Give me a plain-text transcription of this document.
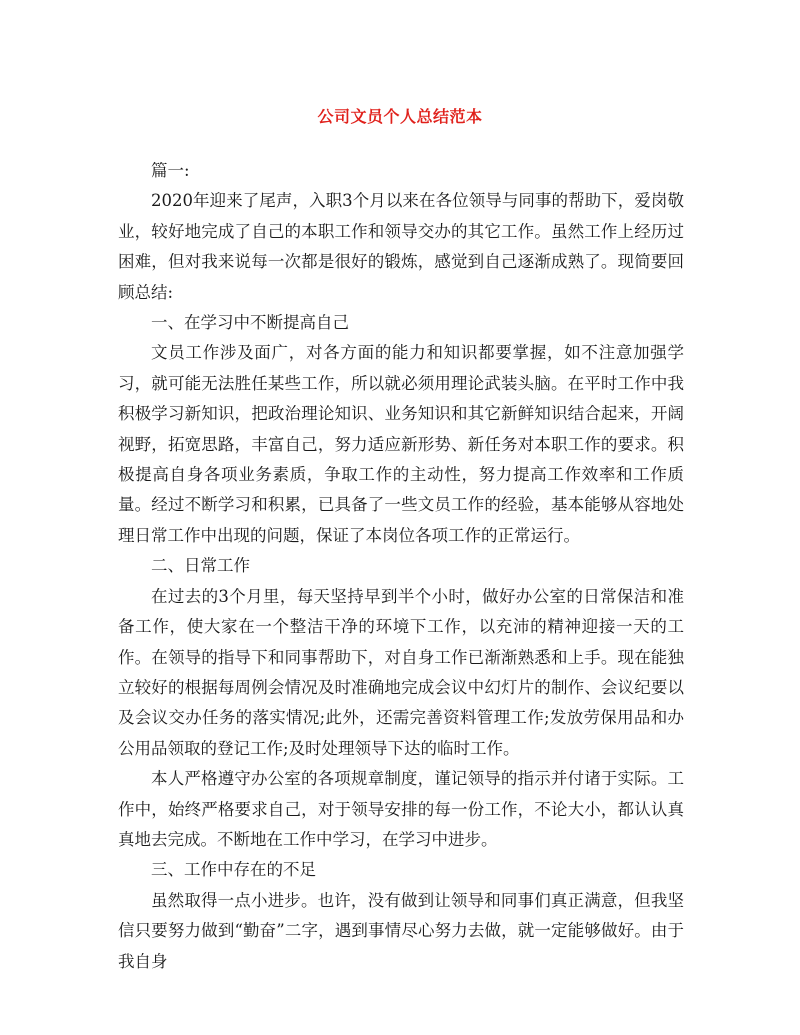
公司文员个人总结范本

篇一:

2020年迎来了尾声，入职3个月以来在各位领导与同事的帮助下，爱岗敬业，较好地完成了自己的本职工作和领导交办的其它工作。虽然工作上经历过困难，但对我来说每一次都是很好的锻炼，感觉到自己逐渐成熟了。现简要回顾总结:

一、在学习中不断提高自己

文员工作涉及面广，对各方面的能力和知识都要掌握，如不注意加强学习，就可能无法胜任某些工作，所以就必须用理论武装头脑。在平时工作中我积极学习新知识，把政治理论知识、业务知识和其它新鲜知识结合起来，开阔视野，拓宽思路，丰富自己，努力适应新形势、新任务对本职工作的要求。积极提高自身各项业务素质，争取工作的主动性，努力提高工作效率和工作质量。经过不断学习和积累，已具备了一些文员工作的经验，基本能够从容地处理日常工作中出现的问题，保证了本岗位各项工作的正常运行。

二、日常工作

在过去的3个月里，每天坚持早到半个小时，做好办公室的日常保洁和准备工作，使大家在一个整洁干净的环境下工作，以充沛的精神迎接一天的工作。在领导的指导下和同事帮助下，对自身工作已渐渐熟悉和上手。现在能独立较好的根据每周例会情况及时准确地完成会议中幻灯片的制作、会议纪要以及会议交办任务的落实情况;此外，还需完善资料管理工作;发放劳保用品和办公用品领取的登记工作;及时处理领导下达的临时工作。

本人严格遵守办公室的各项规章制度，谨记领导的指示并付诸于实际。工作中，始终严格要求自己，对于领导安排的每一份工作，不论大小，都认认真真地去完成。不断地在工作中学习，在学习中进步。

三、工作中存在的不足

虽然取得一点小进步。也许，没有做到让领导和同事们真正满意，但我坚信只要努力做到“勤奋”二字，遇到事情尽心努力去做，就一定能够做好。由于我自身
